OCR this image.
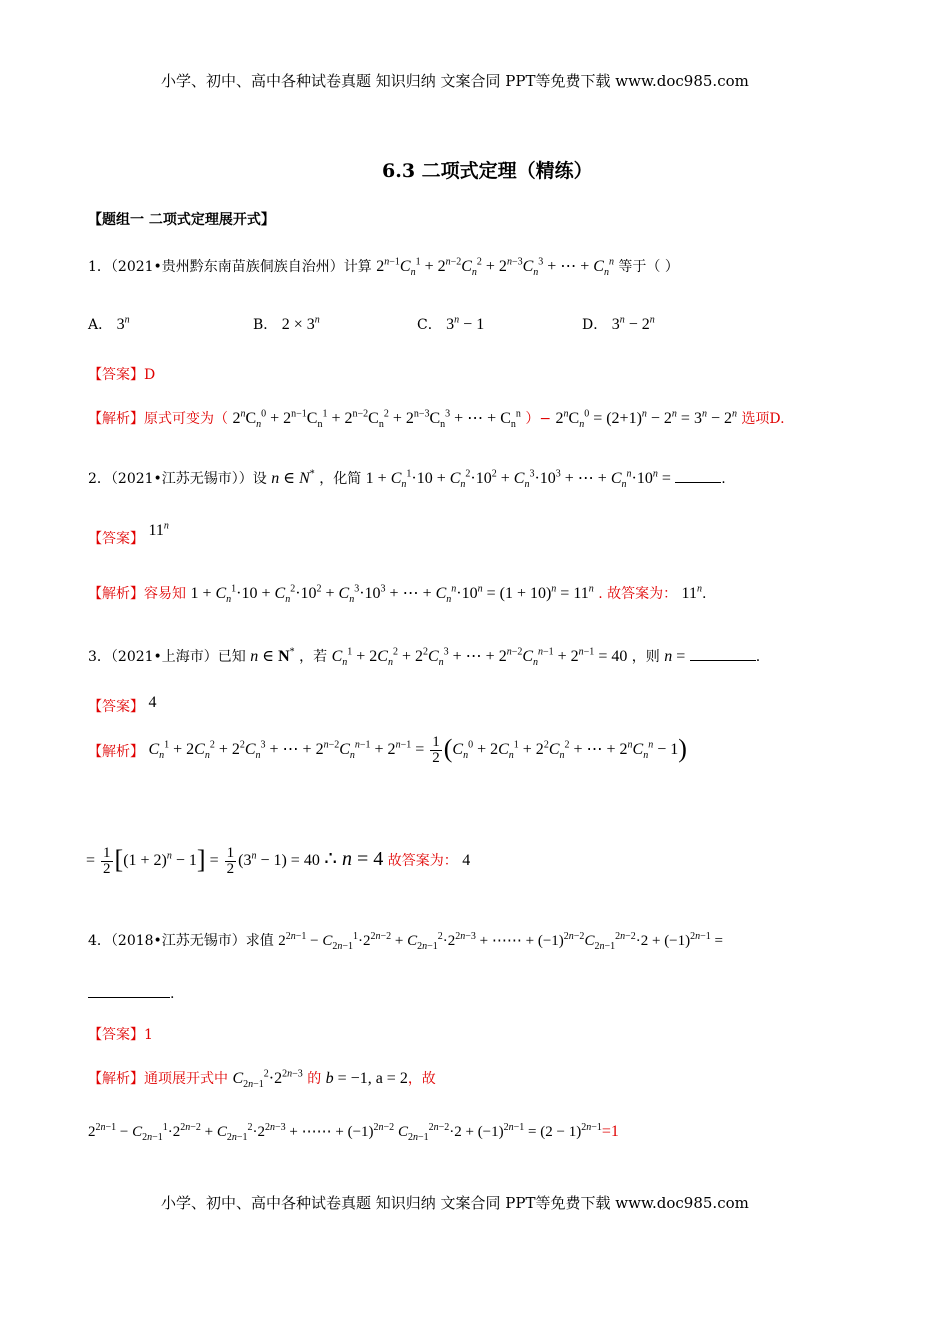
小学、初中、高中各种试卷真题 知识归纳 文案合同 PPT等免费下载 www.doc985.com
6.3 二项式定理（精练）
【题组一 二项式定理展开式】
1．（2021•贵州黔东南苗族侗族自治州）计算 $2^{n-1}C_n^1 + 2^{n-2}C_n^2 + 2^{n-3}C_n^3$ + ⋯ + $C_n^n$ 等于（ ）
A． 3$^n$	B． $2 \times 3^n$	C． $3^n - 1$	D． $3^n - 2^n$
【答案】D
【解析】原式可变为（ $2^nC_n^0 + 2^{n-1}C_n^1 + 2^{n-2}C_n^2 + 2^{n-3}C_n^3$ + ⋯ + $C_n^n$ ）− $2^nC_n^0 = (2+1)^n - 2^n = 3^n - 2^n$ 选项D.
2．（2021•江苏无锡市））设 n ∈ N* ，化简 $1 + C_n^1\cdot 10 + C_n^2\cdot 10^2 + C_n^3\cdot 10^3$ + ⋯ + $C_n^n\cdot 10^n$ =	.
【答案】 11$^n$
【解析】容易知 $1 + C_n^1\cdot 10 + C_n^2\cdot 10^2 + C_n^3\cdot 10^3$ + ⋯ + $C_n^n\cdot 10^n = (1 + 10)^n = 11^n$ . 故答案为： 11$^n$.
3．（2021•上海市）已知 n ∈ N* ，若 $C_n^1 + 2C_n^2 + 2^2C_n^3$ + ⋯ + $2^{n-2}C_n^{n-1} + 2^{n-1} = 40$ ，则 n =	.
【答案】 4
【解析】 $C_n^1 + 2C_n^2 + 2^2C_n^3$ + ⋯ + $2^{n-2}C_n^{n-1} + 2^{n-1} = \frac{1}{2} (C_n^0 + 2C_n^1 + 2^2C_n^2$ + ⋯ + $2^nC_n^n - 1$)
= $\frac{1}{2} [(1 + 2)^n - 1] = \frac{1}{2} (3^n - 1) = 40$ ∴ n = 4 故答案为： 4
4．（2018•江苏无锡市）求值 $2^{2n-1} - C_{2n-1}^1\cdot 2^{2n-2} + C_{2n-1}^2\cdot 2^{2n-3}$ + ⋯⋯ + $(-1)^{2n-2}C_{2n-1}^{2n-2}\cdot 2 + (-1)^{2n-1}$ =
.
【答案】1
【解析】通项展开式中 $C_{2n-1}^2\cdot 2^{2n-3}$ 的 b = −1, a = 2，故
$2^{2n-1} - C_{2n-1}^1\cdot 2^{2n-2} + C_{2n-1}^2\cdot 2^{2n-3}$ + ⋯⋯ + $(-1)^{2n-2}$ $C_{2n-1}^{2n-2}\cdot 2 + (-1)^{2n-1} = (2 - 1)^{2n-1}=1$
小学、初中、高中各种试卷真题 知识归纳 文案合同 PPT等免费下载 www.doc985.com
